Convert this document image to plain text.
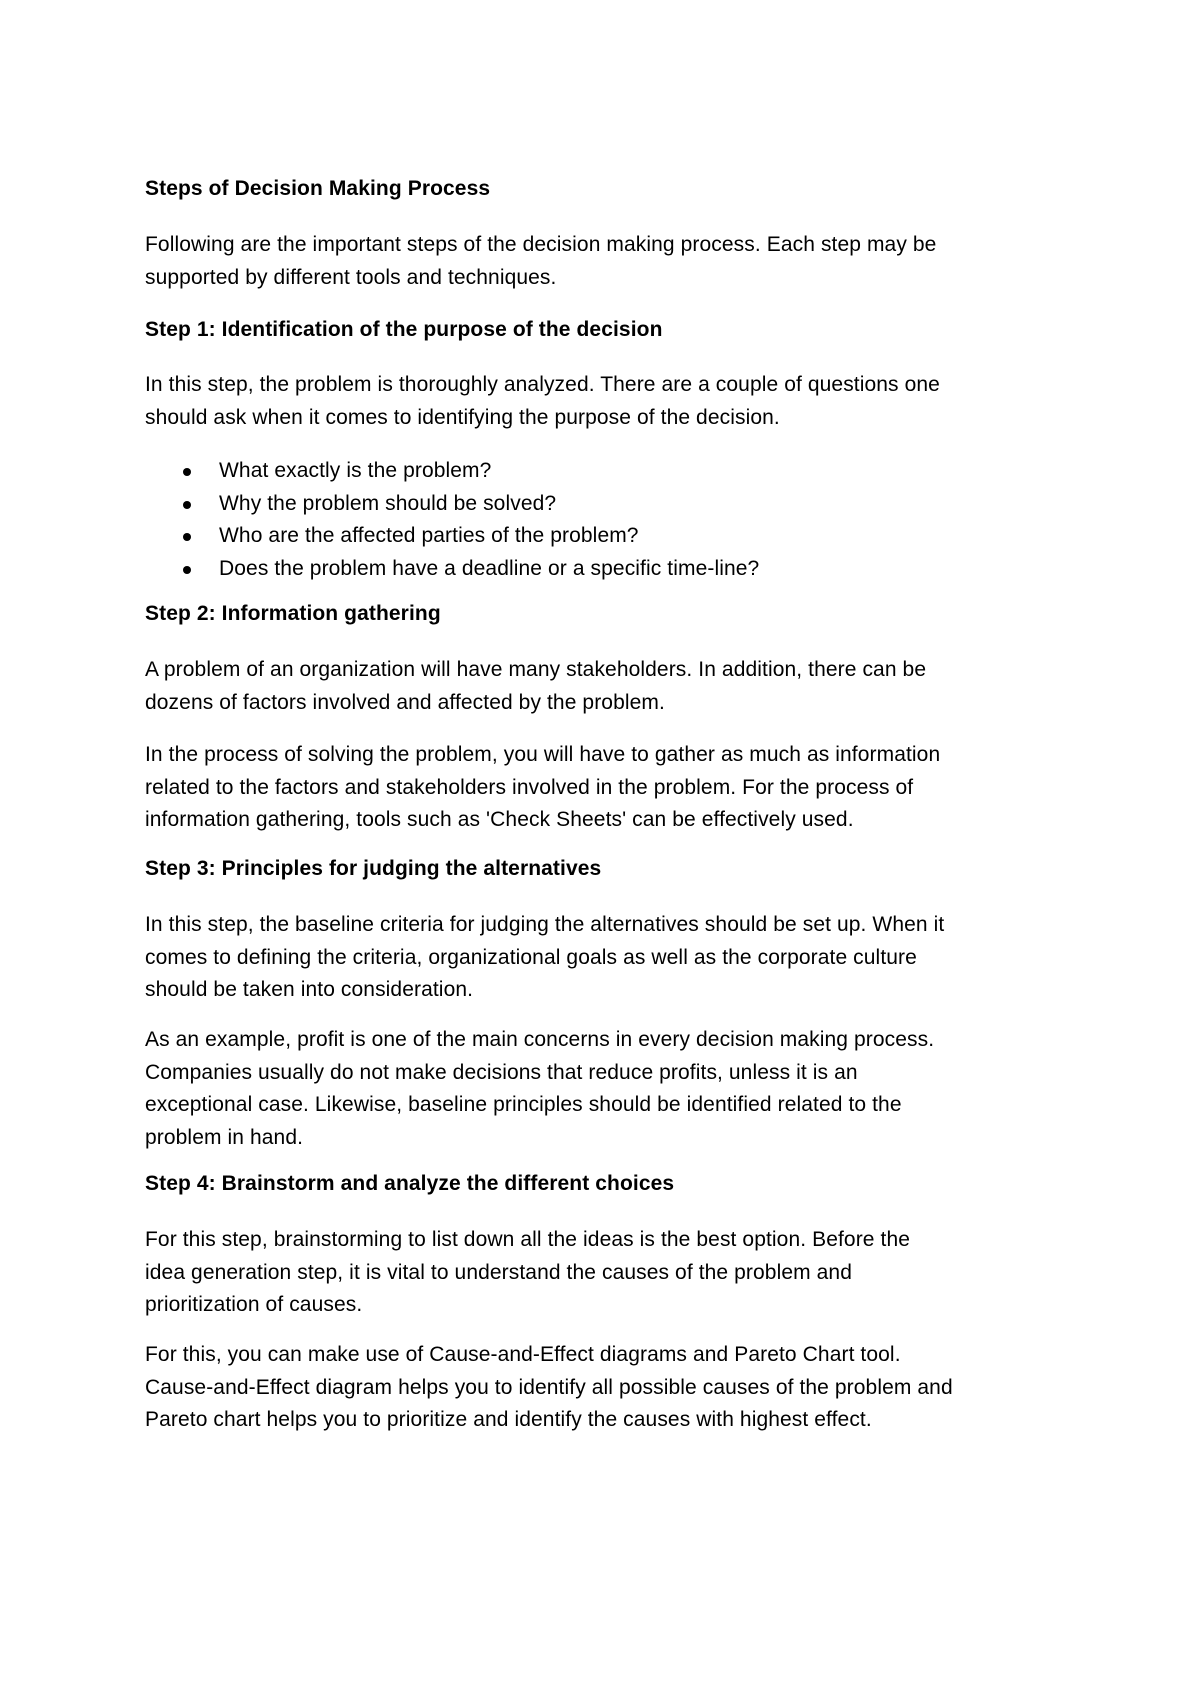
Steps of Decision Making Process
Following are the important steps of the decision making process. Each step may be
supported by different tools and techniques.
Step 1: Identification of the purpose of the decision
In this step, the problem is thoroughly analyzed. There are a couple of questions one
should ask when it comes to identifying the purpose of the decision.
What exactly is the problem?
Why the problem should be solved?
Who are the affected parties of the problem?
Does the problem have a deadline or a specific time-line?
Step 2: Information gathering
A problem of an organization will have many stakeholders. In addition, there can be
dozens of factors involved and affected by the problem.
In the process of solving the problem, you will have to gather as much as information
related to the factors and stakeholders involved in the problem. For the process of
information gathering, tools such as 'Check Sheets' can be effectively used.
Step 3: Principles for judging the alternatives
In this step, the baseline criteria for judging the alternatives should be set up. When it
comes to defining the criteria, organizational goals as well as the corporate culture
should be taken into consideration.
As an example, profit is one of the main concerns in every decision making process.
Companies usually do not make decisions that reduce profits, unless it is an
exceptional case. Likewise, baseline principles should be identified related to the
problem in hand.
Step 4: Brainstorm and analyze the different choices
For this step, brainstorming to list down all the ideas is the best option. Before the
idea generation step, it is vital to understand the causes of the problem and
prioritization of causes.
For this, you can make use of Cause-and-Effect diagrams and Pareto Chart tool.
Cause-and-Effect diagram helps you to identify all possible causes of the problem and
Pareto chart helps you to prioritize and identify the causes with highest effect.
